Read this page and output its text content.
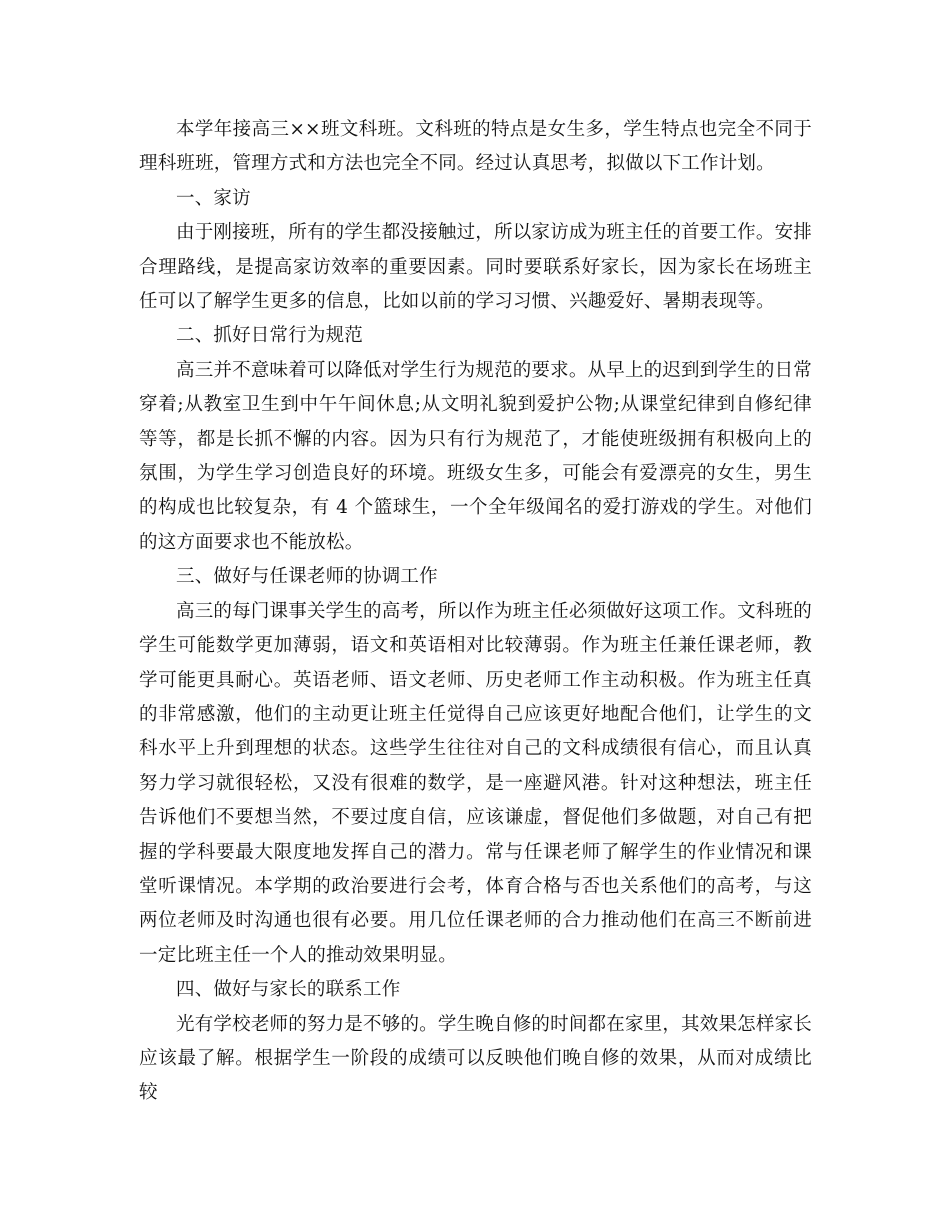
本学年接高三××班文科班。文科班的特点是女生多，学生特点也完全不同于理科班班，管理方式和方法也完全不同。经过认真思考，拟做以下工作计划。

一、家访

由于刚接班，所有的学生都没接触过，所以家访成为班主任的首要工作。安排合理路线，是提高家访效率的重要因素。同时要联系好家长，因为家长在场班主任可以了解学生更多的信息，比如以前的学习习惯、兴趣爱好、暑期表现等。

二、抓好日常行为规范

高三并不意味着可以降低对学生行为规范的要求。从早上的迟到到学生的日常穿着;从教室卫生到中午午间休息;从文明礼貌到爱护公物;从课堂纪律到自修纪律等等，都是长抓不懈的内容。因为只有行为规范了，才能使班级拥有积极向上的氛围，为学生学习创造良好的环境。班级女生多，可能会有爱漂亮的女生，男生的构成也比较复杂，有 4 个篮球生，一个全年级闻名的爱打游戏的学生。对他们的这方面要求也不能放松。

三、做好与任课老师的协调工作

高三的每门课事关学生的高考，所以作为班主任必须做好这项工作。文科班的学生可能数学更加薄弱，语文和英语相对比较薄弱。作为班主任兼任课老师，教学可能更具耐心。英语老师、语文老师、历史老师工作主动积极。作为班主任真的非常感激，他们的主动更让班主任觉得自己应该更好地配合他们，让学生的文科水平上升到理想的状态。这些学生往往对自己的文科成绩很有信心，而且认真努力学习就很轻松，又没有很难的数学，是一座避风港。针对这种想法，班主任告诉他们不要想当然，不要过度自信，应该谦虚，督促他们多做题，对自己有把握的学科要最大限度地发挥自己的潜力。常与任课老师了解学生的作业情况和课堂听课情况。本学期的政治要进行会考，体育合格与否也关系他们的高考，与这两位老师及时沟通也很有必要。用几位任课老师的合力推动他们在高三不断前进一定比班主任一个人的推动效果明显。

四、做好与家长的联系工作

光有学校老师的努力是不够的。学生晚自修的时间都在家里，其效果怎样家长应该最了解。根据学生一阶段的成绩可以反映他们晚自修的效果，从而对成绩比较
